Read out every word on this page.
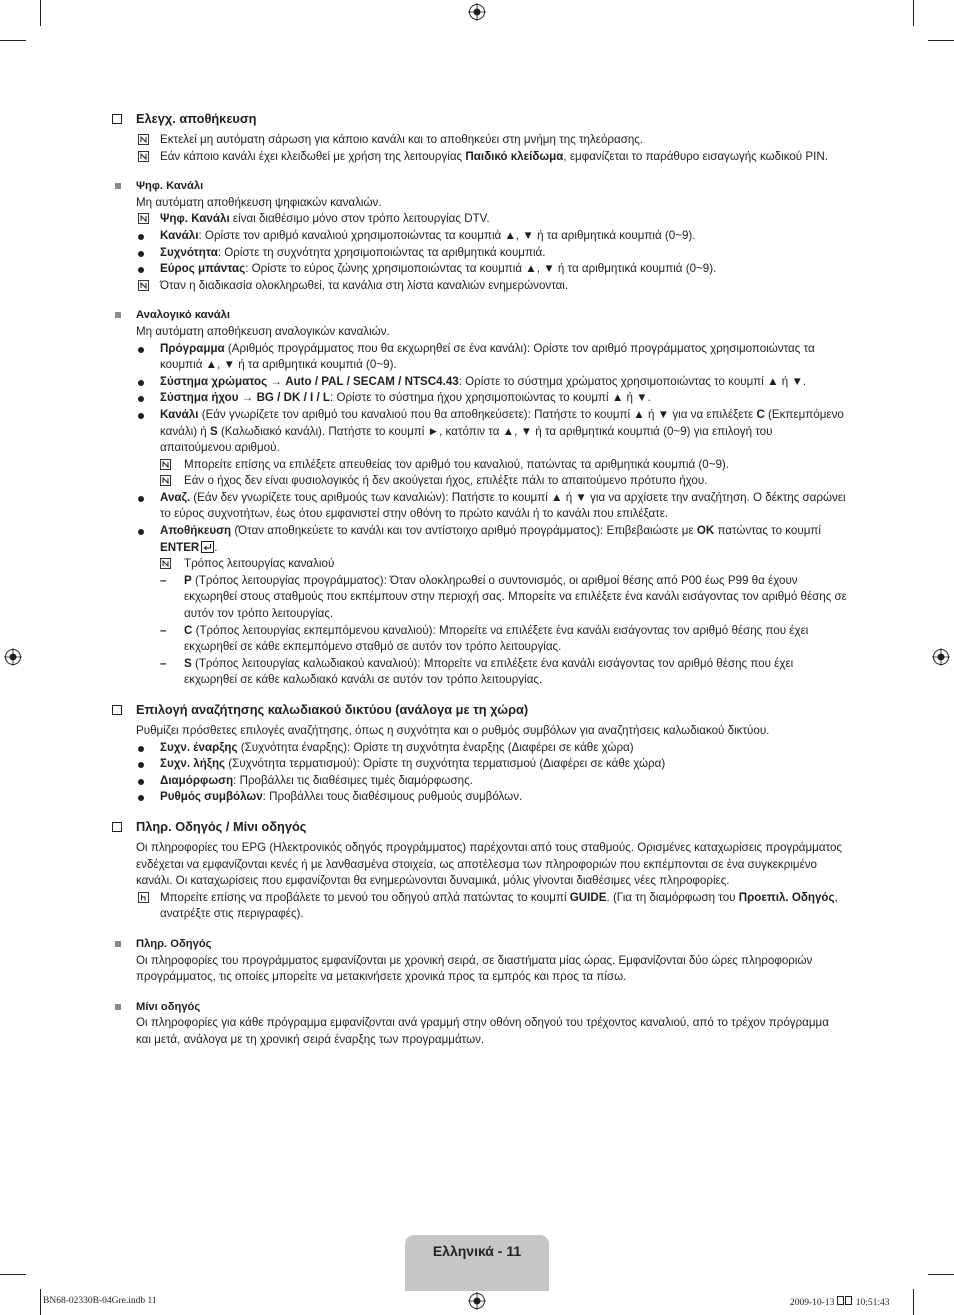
Ελεγχ. αποθήκευση
Εκτελεί μη αυτόματη σάρωση για κάποιο κανάλι και το αποθηκεύει στη μνήμη της τηλεόρασης.
Εάν κάποιο κανάλι έχει κλειδωθεί με χρήση της λειτουργίας Παιδικό κλείδωμα, εμφανίζεται το παράθυρο εισαγωγής κωδικού PIN.
Ψηφ. Κανάλι
Μη αυτόματη αποθήκευση ψηφιακών καναλιών.
Ψηφ. Κανάλι είναι διαθέσιμο μόνο στον τρόπο λειτουργίας DTV.
Κανάλι: Ορίστε τον αριθμό καναλιού χρησιμοποιώντας τα κουμπιά ▲, ▼ ή τα αριθμητικά κουμπιά (0~9).
Συχνότητα: Ορίστε τη συχνότητα χρησιμοποιώντας τα αριθμητικά κουμπιά.
Εύρος μπάντας: Ορίστε το εύρος ζώνης χρησιμοποιώντας τα κουμπιά ▲, ▼ ή τα αριθμητικά κουμπιά (0~9).
Όταν η διαδικασία ολοκληρωθεί, τα κανάλια στη λίστα καναλιών ενημερώνονται.
Αναλογικό κανάλι
Μη αυτόματη αποθήκευση αναλογικών καναλιών.
Πρόγραμμα (Αριθμός προγράμματος που θα εκχωρηθεί σε ένα κανάλι): Ορίστε τον αριθμό προγράμματος χρησιμοποιώντας τα κουμπιά ▲, ▼ ή τα αριθμητικά κουμπιά (0~9).
Σύστημα χρώματος → Auto / PAL / SECAM / NTSC4.43: Ορίστε το σύστημα χρώματος χρησιμοποιώντας το κουμπί ▲ ή ▼.
Σύστημα ήχου → BG / DK / I / L: Ορίστε το σύστημα ήχου χρησιμοποιώντας το κουμπί ▲ ή ▼.
Κανάλι (Εάν γνωρίζετε τον αριθμό του καναλιού που θα αποθηκεύσετε): Πατήστε το κουμπί ▲ ή ▼ για να επιλέξετε C (Εκπεμπόμενο κανάλι) ή S (Καλωδιακό κανάλι). Πατήστε το κουμπί ►, κατόπιν τα ▲, ▼ ή τα αριθμητικά κουμπιά (0~9) για επιλογή του απαιτούμενου αριθμού.
Μπορείτε επίσης να επιλέξετε απευθείας τον αριθμό του καναλιού, πατώντας τα αριθμητικά κουμπιά (0~9).
Εάν ο ήχος δεν είναι φυσιολογικός ή δεν ακούγεται ήχος, επιλέξτε πάλι το απαιτούμενο πρότυπο ήχου.
Αναζ. (Εάν δεν γνωρίζετε τους αριθμούς των καναλιών): Πατήστε το κουμπί ▲ ή ▼ για να αρχίσετε την αναζήτηση. Ο δέκτης σαρώνει το εύρος συχνοτήτων, έως ότου εμφανιστεί στην οθόνη το πρώτο κανάλι ή το κανάλι που επιλέξατε.
Αποθήκευση (Όταν αποθηκεύετε το κανάλι και τον αντίστοιχο αριθμό προγράμματος): Επιβεβαιώστε με OK πατώντας το κουμπί ENTER .
Τρόπος λειτουργίας καναλιού
– P (Τρόπος λειτουργίας προγράμματος): Όταν ολοκληρωθεί ο συντονισμός, οι αριθμοί θέσης από P00 έως P99 θα έχουν εκχωρηθεί στους σταθμούς που εκπέμπουν στην περιοχή σας. Μπορείτε να επιλέξετε ένα κανάλι εισάγοντας τον αριθμό θέσης σε αυτόν τον τρόπο λειτουργίας.
– C (Τρόπος λειτουργίας εκπεμπόμενου καναλιού): Μπορείτε να επιλέξετε ένα κανάλι εισάγοντας τον αριθμό θέσης που έχει εκχωρηθεί σε κάθε εκπεμπόμενο σταθμό σε αυτόν τον τρόπο λειτουργίας.
– S (Τρόπος λειτουργίας καλωδιακού καναλιού): Μπορείτε να επιλέξετε ένα κανάλι εισάγοντας τον αριθμό θέσης που έχει εκχωρηθεί σε κάθε καλωδιακό κανάλι σε αυτόν τον τρόπο λειτουργίας.
Επιλογή αναζήτησης καλωδιακού δικτύου (ανάλογα με τη χώρα)
Ρυθμίζει πρόσθετες επιλογές αναζήτησης, όπως η συχνότητα και ο ρυθμός συμβόλων για αναζητήσεις καλωδιακού δικτύου.
Συχν. έναρξης (Συχνότητα έναρξης): Ορίστε τη συχνότητα έναρξης (Διαφέρει σε κάθε χώρα)
Συχν. λήξης (Συχνότητα τερματισμού): Ορίστε τη συχνότητα τερματισμού (Διαφέρει σε κάθε χώρα)
Διαμόρφωση: Προβάλλει τις διαθέσιμες τιμές διαμόρφωσης.
Ρυθμός συμβόλων: Προβάλλει τους διαθέσιμους ρυθμούς συμβόλων.
Πληρ. Οδηγός / Μίνι οδηγός
Οι πληροφορίες του EPG (Ηλεκτρονικός οδηγός προγράμματος) παρέχονται από τους σταθμούς. Ορισμένες καταχωρίσεις προγράμματος ενδέχεται να εμφανίζονται κενές ή με λανθασμένα στοιχεία, ως αποτέλεσμα των πληροφοριών που εκπέμπονται σε ένα συγκεκριμένο κανάλι. Οι καταχωρίσεις που εμφανίζονται θα ενημερώνονται δυναμικά, μόλις γίνονται διαθέσιμες νέες πληροφορίες.
Μπορείτε επίσης να προβάλετε το μενού του οδηγού απλά πατώντας το κουμπί GUIDE. (Για τη διαμόρφωση του Προεπιλ. Οδηγός, ανατρέξτε στις περιγραφές).
Πληρ. Οδηγός
Οι πληροφορίες του προγράμματος εμφανίζονται με χρονική σειρά, σε διαστήματα μίας ώρας. Εμφανίζονται δύο ώρες πληροφοριών προγράμματος, τις οποίες μπορείτε να μετακινήσετε χρονικά προς τα εμπρός και προς τα πίσω.
Μίνι οδηγός
Οι πληροφορίες για κάθε πρόγραμμα εμφανίζονται ανά γραμμή στην οθόνη οδηγού του τρέχοντος καναλιού, από το τρέχον πρόγραμμα και μετά, ανάλογα με τη χρονική σειρά έναρξης των προγραμμάτων.
Ελληνικά - 11
BN68-02330B-04Gre.indb 11	2009-10-13 10:51:43
